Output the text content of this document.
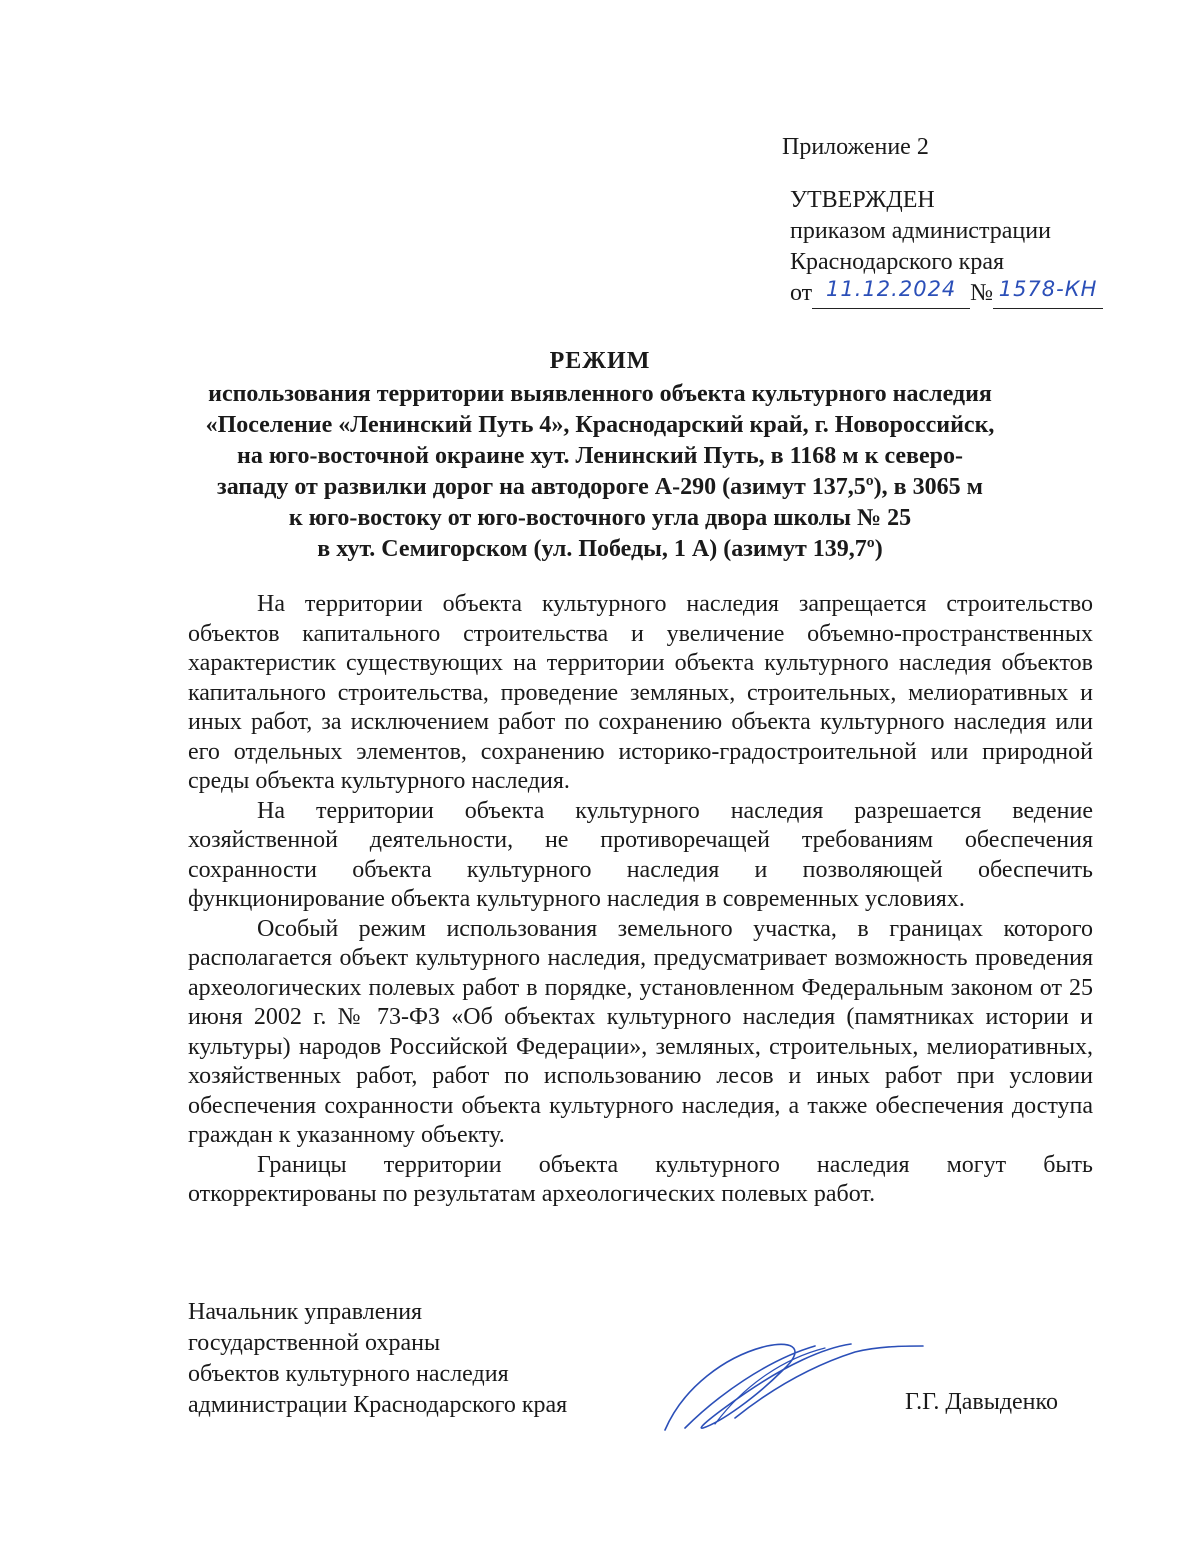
Приложение 2
УТВЕРЖДЕН
приказом администрации
Краснодарского края
от 11.12.2024 № 1578-КН
РЕЖИМ
использования территории выявленного объекта культурного наследия
«Поселение «Ленинский Путь 4», Краснодарский край, г. Новороссийск,
на юго-восточной окраине хут. Ленинский Путь, в 1168 м к северо-
западу от развилки дорог на автодороге А-290 (азимут 137,5º), в 3065 м
к юго-востоку от юго-восточного угла двора школы № 25
в хут. Семигорском (ул. Победы, 1 А) (азимут 139,7º)

На территории объекта культурного наследия запрещается строительство объектов капитального строительства и увеличение объемно-пространственных характеристик существующих на территории объекта культурного наследия объектов капитального строительства, проведение земляных, строительных, мелиоративных и иных работ, за исключением работ по сохранению объекта культурного наследия или его отдельных элементов, сохранению историко-градостроительной или природной среды объекта культурного наследия.

На территории объекта культурного наследия разрешается ведение хозяйственной деятельности, не противоречащей требованиям обеспечения сохранности объекта культурного наследия и позволяющей обеспечить функционирование объекта культурного наследия в современных условиях.

Особый режим использования земельного участка, в границах которого располагается объект культурного наследия, предусматривает возможность проведения археологических полевых работ в порядке, установленном Федеральным законом от 25 июня 2002 г. № 73-ФЗ «Об объектах культурного наследия (памятниках истории и культуры) народов Российской Федерации», земляных, строительных, мелиоративных, хозяйственных работ, работ по использованию лесов и иных работ при условии обеспечения сохранности объекта культурного наследия, а также обеспечения доступа граждан к указанному объекту.

Границы территории объекта культурного наследия могут быть откорректированы по результатам археологических полевых работ.

Начальник управления
государственной охраны
объектов культурного наследия
администрации Краснодарского края	Г.Г. Давыденко
